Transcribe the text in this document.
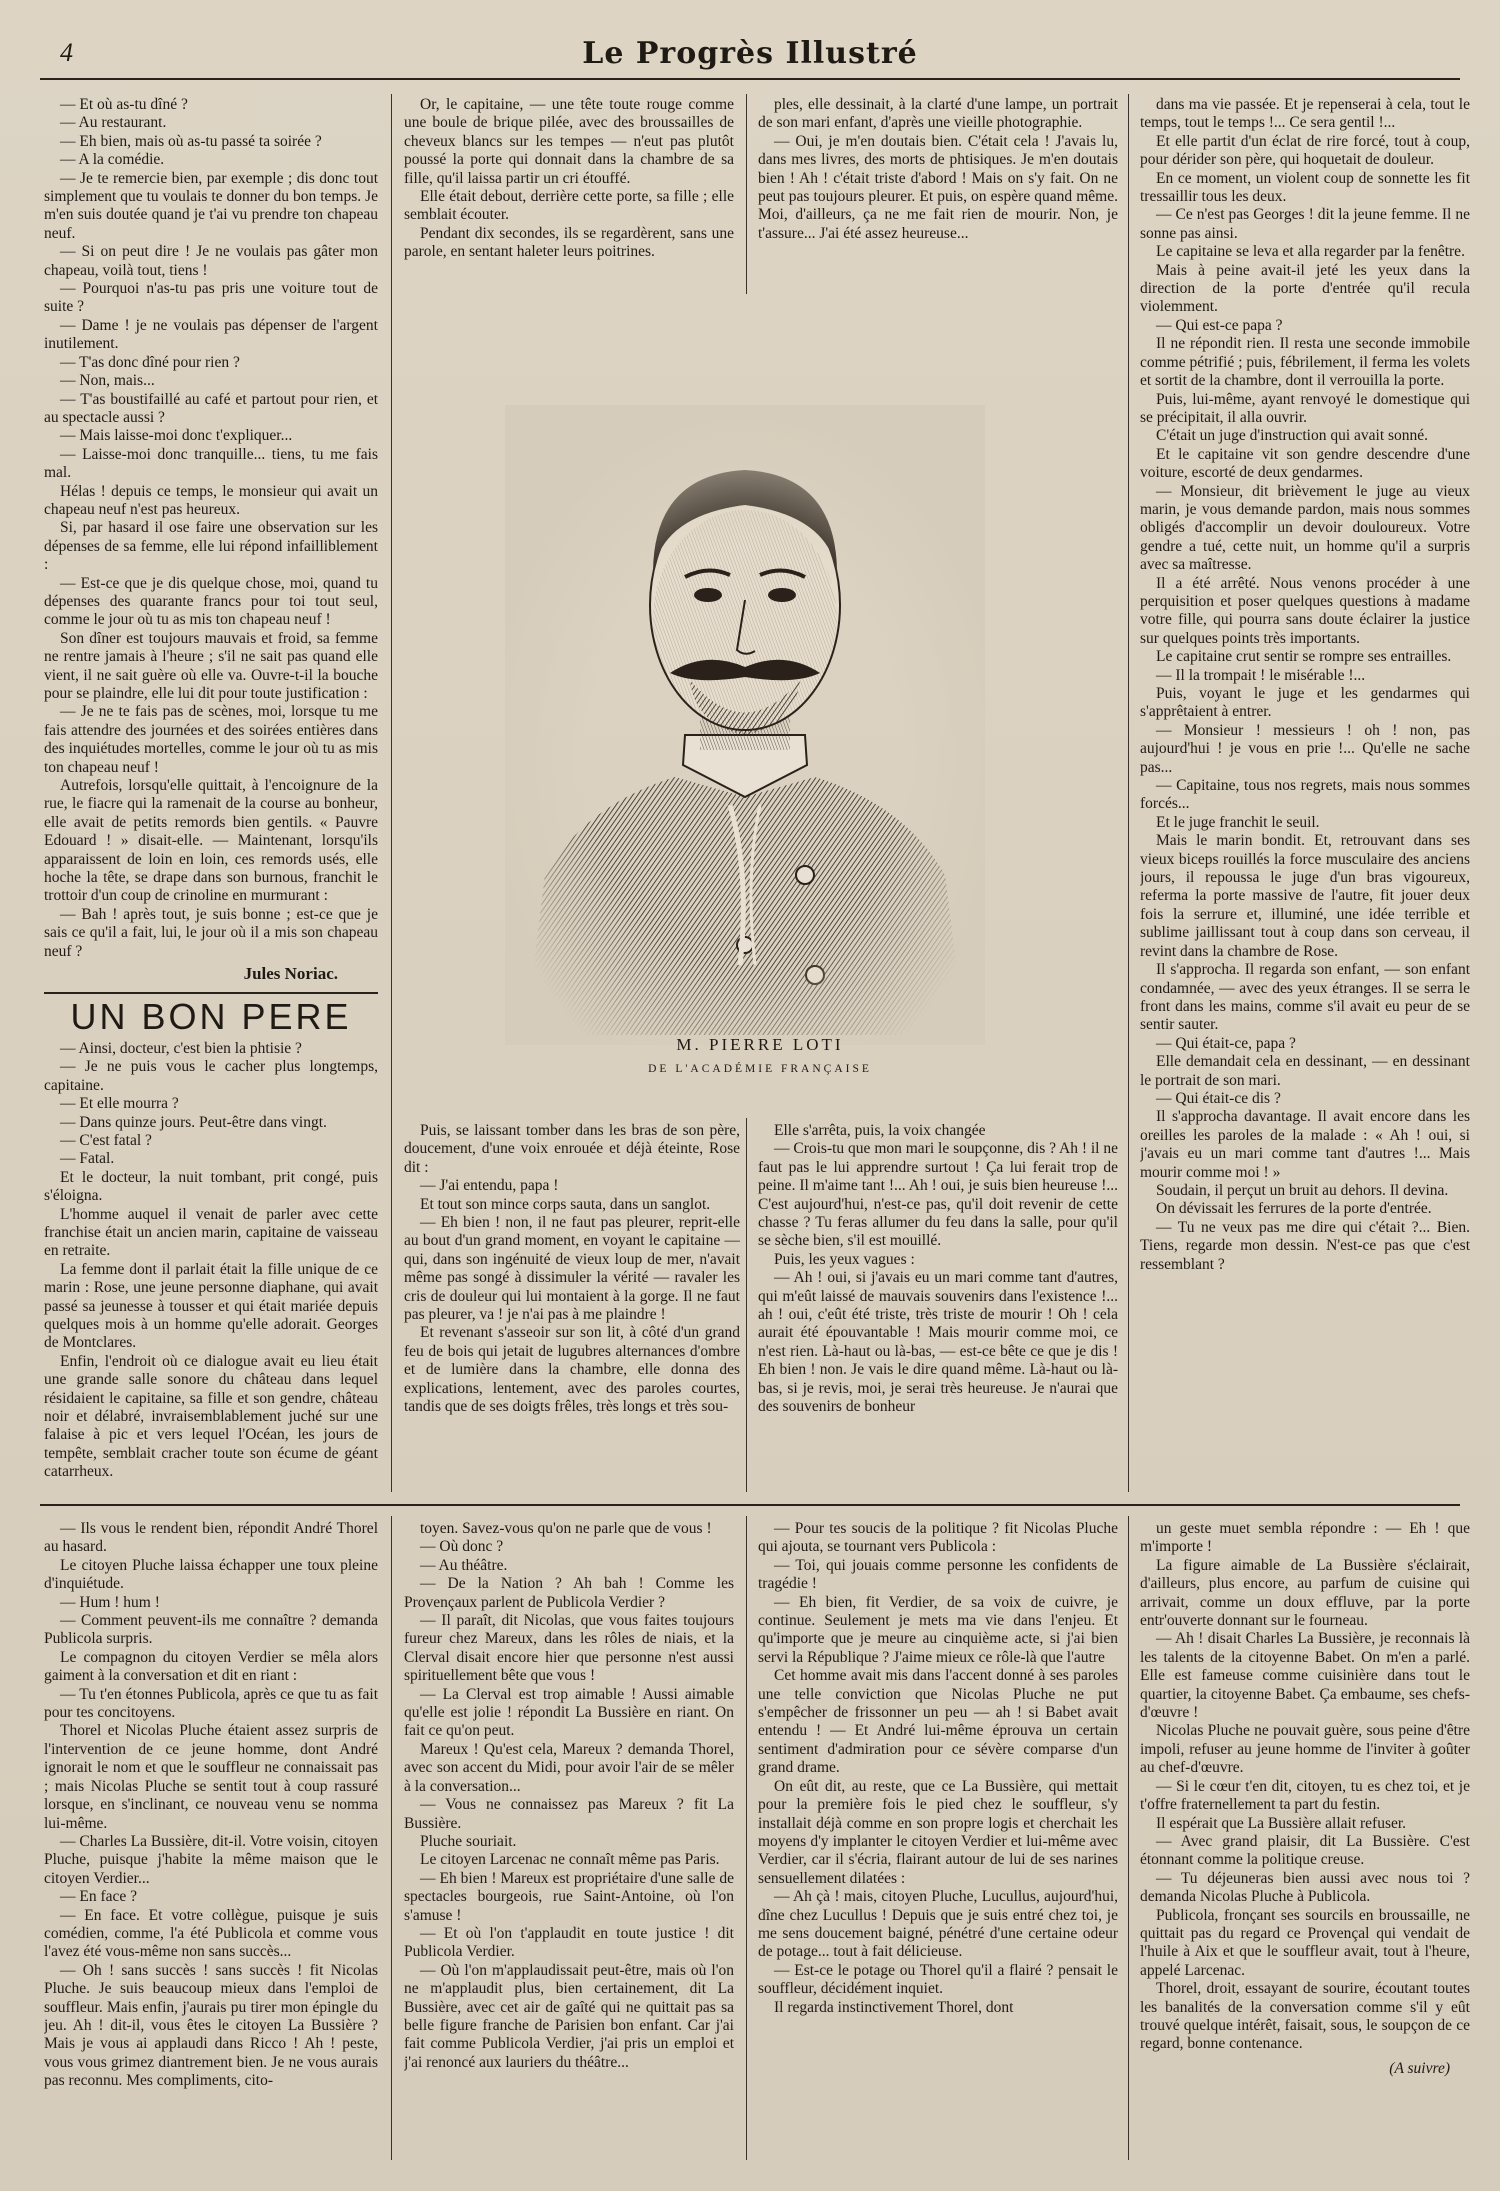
4	Le Progrès Illustré

— Et où as-tu dîné ?

— Au restaurant.

— Eh bien, mais où as-tu passé ta soirée ?

— A la comédie.

— Je te remercie bien, par exemple ; dis donc tout simplement que tu voulais te donner du bon temps. Je m'en suis doutée quand je t'ai vu prendre ton chapeau neuf.

— Si on peut dire ! Je ne voulais pas gâter mon chapeau, voilà tout, tiens !

— Pourquoi n'as-tu pas pris une voiture tout de suite ?

— Dame ! je ne voulais pas dépenser de l'argent inutilement.

— T'as donc dîné pour rien ?

— Non, mais...

— T'as boustifaillé au café et partout pour rien, et au spectacle aussi ?

— Mais laisse-moi donc t'expliquer...

— Laisse-moi donc tranquille... tiens, tu me fais mal.

Hélas ! depuis ce temps, le monsieur qui avait un chapeau neuf n'est pas heureux.

Si, par hasard il ose faire une observation sur les dépenses de sa femme, elle lui répond infailliblement :

— Est-ce que je dis quelque chose, moi, quand tu dépenses des quarante francs pour toi tout seul, comme le jour où tu as mis ton chapeau neuf !

Son dîner est toujours mauvais et froid, sa femme ne rentre jamais à l'heure ; s'il ne sait pas quand elle vient, il ne sait guère où elle va. Ouvre-t-il la bouche pour se plaindre, elle lui dit pour toute justification :

— Je ne te fais pas de scènes, moi, lorsque tu me fais attendre des journées et des soirées entières dans des inquiétudes mortelles, comme le jour où tu as mis ton chapeau neuf !

Autrefois, lorsqu'elle quittait, à l'encoignure de la rue, le fiacre qui la ramenait de la course au bonheur, elle avait de petits remords bien gentils. « Pauvre Edouard ! » disait-elle. — Maintenant, lorsqu'ils apparaissent de loin en loin, ces remords usés, elle hoche la tête, se drape dans son burnous, franchit le trottoir d'un coup de crinoline en murmurant :

— Bah ! après tout, je suis bonne ; est-ce que je sais ce qu'il a fait, lui, le jour où il a mis son chapeau neuf ?

Jules Noriac.
UN BON PERE

— Ainsi, docteur, c'est bien la phtisie ?

— Je ne puis vous le cacher plus longtemps, capitaine.

— Et elle mourra ?

— Dans quinze jours. Peut-être dans vingt.

— C'est fatal ?

— Fatal.

Et le docteur, la nuit tombant, prit congé, puis s'éloigna.

L'homme auquel il venait de parler avec cette franchise était un ancien marin, capitaine de vaisseau en retraite.

La femme dont il parlait était la fille unique de ce marin : Rose, une jeune personne diaphane, qui avait passé sa jeunesse à tousser et qui était mariée depuis quelques mois à un homme qu'elle adorait. Georges de Montclares.

Enfin, l'endroit où ce dialogue avait eu lieu était une grande salle sonore du château dans lequel résidaient le capitaine, sa fille et son gendre, château noir et délabré, invraisemblablement juché sur une falaise à pic et vers lequel l'Océan, les jours de tempête, semblait cracher toute son écume de géant catarrheux.

Or, le capitaine, — une tête toute rouge comme une boule de brique pilée, avec des broussailles de cheveux blancs sur les tempes — n'eut pas plutôt poussé la porte qui donnait dans la chambre de sa fille, qu'il laissa partir un cri étouffé.

Elle était debout, derrière cette porte, sa fille ; elle semblait écouter.

Pendant dix secondes, ils se regardèrent, sans une parole, en sentant haleter leurs poitrines.

ples, elle dessinait, à la clarté d'une lampe, un portrait de son mari enfant, d'après une vieille photographie.

— Oui, je m'en doutais bien. C'était cela ! J'avais lu, dans mes livres, des morts de phtisiques. Je m'en doutais bien ! Ah ! c'était triste d'abord ! Mais on s'y fait. On ne peut pas toujours pleurer. Et puis, on espère quand même. Moi, d'ailleurs, ça ne me fait rien de mourir. Non, je t'assure... J'ai été assez heureuse...

M. PIERRE LOTI
DE L'ACADÉMIE FRANÇAISE

Puis, se laissant tomber dans les bras de son père, doucement, d'une voix enrouée et déjà éteinte, Rose dit :

— J'ai entendu, papa !

Et tout son mince corps sauta, dans un sanglot.

— Eh bien ! non, il ne faut pas pleurer, reprit-elle au bout d'un grand moment, en voyant le capitaine — qui, dans son ingénuité de vieux loup de mer, n'avait même pas songé à dissimuler la vérité — ravaler les cris de douleur qui lui montaient à la gorge. Il ne faut pas pleurer, va ! je n'ai pas à me plaindre !

Et revenant s'asseoir sur son lit, à côté d'un grand feu de bois qui jetait de lugubres alternances d'ombre et de lumière dans la chambre, elle donna des explications, lentement, avec des paroles courtes, tandis que de ses doigts frêles, très longs et très sou-

Elle s'arrêta, puis, la voix changée

— Crois-tu que mon mari le soupçonne, dis ? Ah ! il ne faut pas le lui apprendre surtout ! Ça lui ferait trop de peine. Il m'aime tant !... Ah ! oui, je suis bien heureuse !... C'est aujourd'hui, n'est-ce pas, qu'il doit revenir de cette chasse ? Tu feras allumer du feu dans la salle, pour qu'il se sèche bien, s'il est mouillé.

Puis, les yeux vagues :

— Ah ! oui, si j'avais eu un mari comme tant d'autres, qui m'eût laissé de mauvais souvenirs dans l'existence !... ah ! oui, c'eût été triste, très triste de mourir ! Oh ! cela aurait été épouvantable ! Mais mourir comme moi, ce n'est rien. Là-haut ou là-bas, — est-ce bête ce que je dis ! Eh bien ! non. Je vais le dire quand même. Là-haut ou là-bas, si je revis, moi, je serai très heureuse. Je n'aurai que des souvenirs de bonheur

dans ma vie passée. Et je repenserai à cela, tout le temps, tout le temps !... Ce sera gentil !...

Et elle partit d'un éclat de rire forcé, tout à coup, pour dérider son père, qui hoquetait de douleur.

En ce moment, un violent coup de sonnette les fit tressaillir tous les deux.

— Ce n'est pas Georges ! dit la jeune femme. Il ne sonne pas ainsi.

Le capitaine se leva et alla regarder par la fenêtre.

Mais à peine avait-il jeté les yeux dans la direction de la porte d'entrée qu'il recula violemment.

— Qui est-ce papa ?

Il ne répondit rien. Il resta une seconde immobile comme pétrifié ; puis, fébrilement, il ferma les volets et sortit de la chambre, dont il verrouilla la porte.

Puis, lui-même, ayant renvoyé le domestique qui se précipitait, il alla ouvrir.

C'était un juge d'instruction qui avait sonné.

Et le capitaine vit son gendre descendre d'une voiture, escorté de deux gendarmes.

— Monsieur, dit brièvement le juge au vieux marin, je vous demande pardon, mais nous sommes obligés d'accomplir un devoir douloureux. Votre gendre a tué, cette nuit, un homme qu'il a surpris avec sa maîtresse.

Il a été arrêté. Nous venons procéder à une perquisition et poser quelques questions à madame votre fille, qui pourra sans doute éclairer la justice sur quelques points très importants.

Le capitaine crut sentir se rompre ses entrailles.

— Il la trompait ! le misérable !...

Puis, voyant le juge et les gendarmes qui s'apprêtaient à entrer.

— Monsieur ! messieurs ! oh ! non, pas aujourd'hui ! je vous en prie !... Qu'elle ne sache pas...

— Capitaine, tous nos regrets, mais nous sommes forcés...

Et le juge franchit le seuil.

Mais le marin bondit. Et, retrouvant dans ses vieux biceps rouillés la force musculaire des anciens jours, il repoussa le juge d'un bras vigoureux, referma la porte massive de l'autre, fit jouer deux fois la serrure et, illuminé, une idée terrible et sublime jaillissant tout à coup dans son cerveau, il revint dans la chambre de Rose.

Il s'approcha. Il regarda son enfant, — son enfant condamnée, — avec des yeux étranges. Il se serra le front dans les mains, comme s'il avait eu peur de se sentir sauter.

— Qui était-ce, papa ?

Elle demandait cela en dessinant, — en dessinant le portrait de son mari.

— Qui était-ce dis ?

Il s'approcha davantage. Il avait encore dans les oreilles les paroles de la malade : « Ah ! oui, si j'avais eu un mari comme tant d'autres !... Mais mourir comme moi ! »

Soudain, il perçut un bruit au dehors. Il devina.

On dévissait les ferrures de la porte d'entrée.

— Tu ne veux pas me dire qui c'était ?... Bien. Tiens, regarde mon dessin. N'est-ce pas que c'est ressemblant ?

— Ils vous le rendent bien, répondit André Thorel au hasard.

Le citoyen Pluche laissa échapper une toux pleine d'inquiétude.

— Hum ! hum !

— Comment peuvent-ils me connaître ? demanda Publicola surpris.

Le compagnon du citoyen Verdier se mêla alors gaiment à la conversation et dit en riant :

— Tu t'en étonnes Publicola, après ce que tu as fait pour tes concitoyens.

Thorel et Nicolas Pluche étaient assez surpris de l'intervention de ce jeune homme, dont André ignorait le nom et que le souffleur ne connaissait pas ; mais Nicolas Pluche se sentit tout à coup rassuré lorsque, en s'inclinant, ce nouveau venu se nomma lui-même.

— Charles La Bussière, dit-il. Votre voisin, citoyen Pluche, puisque j'habite la même maison que le citoyen Verdier...

— En face ?

— En face. Et votre collègue, puisque je suis comédien, comme, l'a été Publicola et comme vous l'avez été vous-même non sans succès...

— Oh ! sans succès ! sans succès ! fit Nicolas Pluche. Je suis beaucoup mieux dans l'emploi de souffleur. Mais enfin, j'aurais pu tirer mon épingle du jeu. Ah ! dit-il, vous êtes le citoyen La Bussière ? Mais je vous ai applaudi dans Ricco ! Ah ! peste, vous vous grimez diantrement bien. Je ne vous aurais pas reconnu. Mes compliments, cito-

toyen. Savez-vous qu'on ne parle que de vous !

— Où donc ?

— Au théâtre.

— De la Nation ? Ah bah ! Comme les Provençaux parlent de Publicola Verdier ?

— Il paraît, dit Nicolas, que vous faites toujours fureur chez Mareux, dans les rôles de niais, et la Clerval disait encore hier que personne n'est aussi spirituellement bête que vous !

— La Clerval est trop aimable ! Aussi aimable qu'elle est jolie ! répondit La Bussière en riant. On fait ce qu'on peut.

Mareux ! Qu'est cela, Mareux ? demanda Thorel, avec son accent du Midi, pour avoir l'air de se mêler à la conversation...

— Vous ne connaissez pas Mareux ? fit La Bussière.

Pluche souriait.

Le citoyen Larcenac ne connaît même pas Paris.

— Eh bien ! Mareux est propriétaire d'une salle de spectacles bourgeois, rue Saint-Antoine, où l'on s'amuse !

— Et où l'on t'applaudit en toute justice ! dit Publicola Verdier.

— Où l'on m'applaudissait peut-être, mais où l'on ne m'applaudit plus, bien certainement, dit La Bussière, avec cet air de gaîté qui ne quittait pas sa belle figure franche de Parisien bon enfant. Car j'ai fait comme Publicola Verdier, j'ai pris un emploi et j'ai renoncé aux lauriers du théâtre...

— Pour tes soucis de la politique ? fit Nicolas Pluche qui ajouta, se tournant vers Publicola :

— Toi, qui jouais comme personne les confidents de tragédie !

— Eh bien, fit Verdier, de sa voix de cuivre, je continue. Seulement je mets ma vie dans l'enjeu. Et qu'importe que je meure au cinquième acte, si j'ai bien servi la République ? J'aime mieux ce rôle-là que l'autre

Cet homme avait mis dans l'accent donné à ses paroles une telle conviction que Nicolas Pluche ne put s'empêcher de frissonner un peu — ah ! si Babet avait entendu ! — Et André lui-même éprouva un certain sentiment d'admiration pour ce sévère comparse d'un grand drame.

On eût dit, au reste, que ce La Bussière, qui mettait pour la première fois le pied chez le souffleur, s'y installait déjà comme en son propre logis et cherchait les moyens d'y implanter le citoyen Verdier et lui-même avec Verdier, car il s'écria, flairant autour de lui de ses narines sensuellement dilatées :

— Ah çà ! mais, citoyen Pluche, Lucullus, aujourd'hui, dîne chez Lucullus ! Depuis que je suis entré chez toi, je me sens doucement baigné, pénétré d'une certaine odeur de potage... tout à fait délicieuse.

— Est-ce le potage ou Thorel qu'il a flairé ? pensait le souffleur, décidément inquiet.

Il regarda instinctivement Thorel, dont

un geste muet sembla répondre : — Eh ! que m'importe !

La figure aimable de La Bussière s'éclairait, d'ailleurs, plus encore, au parfum de cuisine qui arrivait, comme un doux effluve, par la porte entr'ouverte donnant sur le fourneau.

— Ah ! disait Charles La Bussière, je reconnais là les talents de la citoyenne Babet. On m'en a parlé. Elle est fameuse comme cuisinière dans tout le quartier, la citoyenne Babet. Ça embaume, ses chefs-d'œuvre !

Nicolas Pluche ne pouvait guère, sous peine d'être impoli, refuser au jeune homme de l'inviter à goûter au chef-d'œuvre.

— Si le cœur t'en dit, citoyen, tu es chez toi, et je t'offre fraternellement ta part du festin.

Il espérait que La Bussière allait refuser.

— Avec grand plaisir, dit La Bussière. C'est étonnant comme la politique creuse.

— Tu déjeuneras bien aussi avec nous toi ? demanda Nicolas Pluche à Publicola.

Publicola, fronçant ses sourcils en broussaille, ne quittait pas du regard ce Provençal qui vendait de l'huile à Aix et que le souffleur avait, tout à l'heure, appelé Larcenac.

Thorel, droit, essayant de sourire, écoutant toutes les banalités de la conversation comme s'il y eût trouvé quelque intérêt, faisait, sous, le soupçon de ce regard, bonne contenance.

(A suivre)
